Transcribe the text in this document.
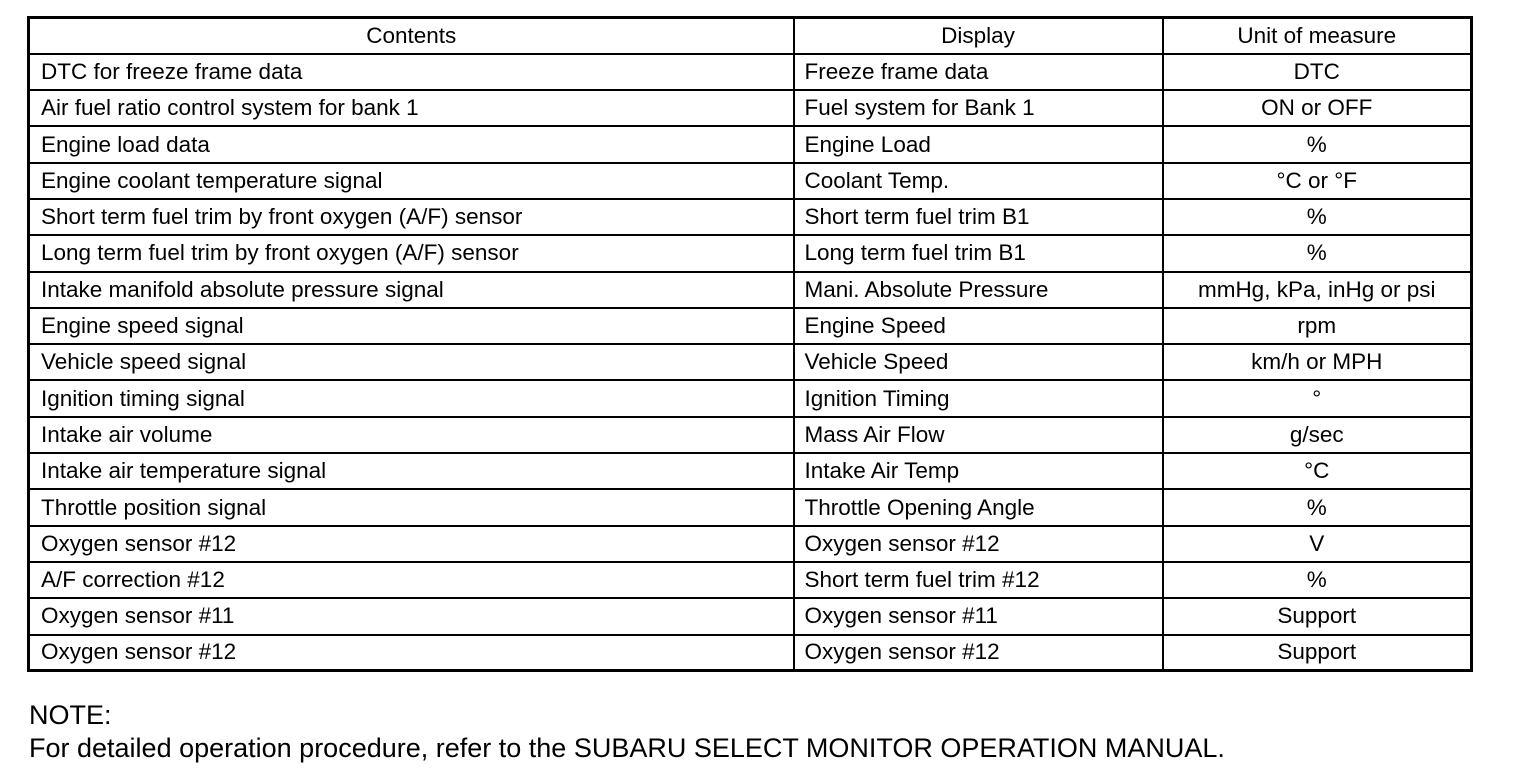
Contents	Display	Unit of measure
DTC for freeze frame data	Freeze frame data	DTC
Air fuel ratio control system for bank 1	Fuel system for Bank 1	ON or OFF
Engine load data	Engine Load	%
Engine coolant temperature signal	Coolant Temp.	°C or °F
Short term fuel trim by front oxygen (A/F) sensor	Short term fuel trim B1	%
Long term fuel trim by front oxygen (A/F) sensor	Long term fuel trim B1	%
Intake manifold absolute pressure signal	Mani. Absolute Pressure	mmHg, kPa, inHg or psi
Engine speed signal	Engine Speed	rpm
Vehicle speed signal	Vehicle Speed	km/h or MPH
Ignition timing signal	Ignition Timing	°
Intake air volume	Mass Air Flow	g/sec
Intake air temperature signal	Intake Air Temp	°C
Throttle position signal	Throttle Opening Angle	%
Oxygen sensor #12	Oxygen sensor #12	V
A/F correction #12	Short term fuel trim #12	%
Oxygen sensor #11	Oxygen sensor #11	Support
Oxygen sensor #12	Oxygen sensor #12	Support
NOTE:
For detailed operation procedure, refer to the SUBARU SELECT MONITOR OPERATION MANUAL.
